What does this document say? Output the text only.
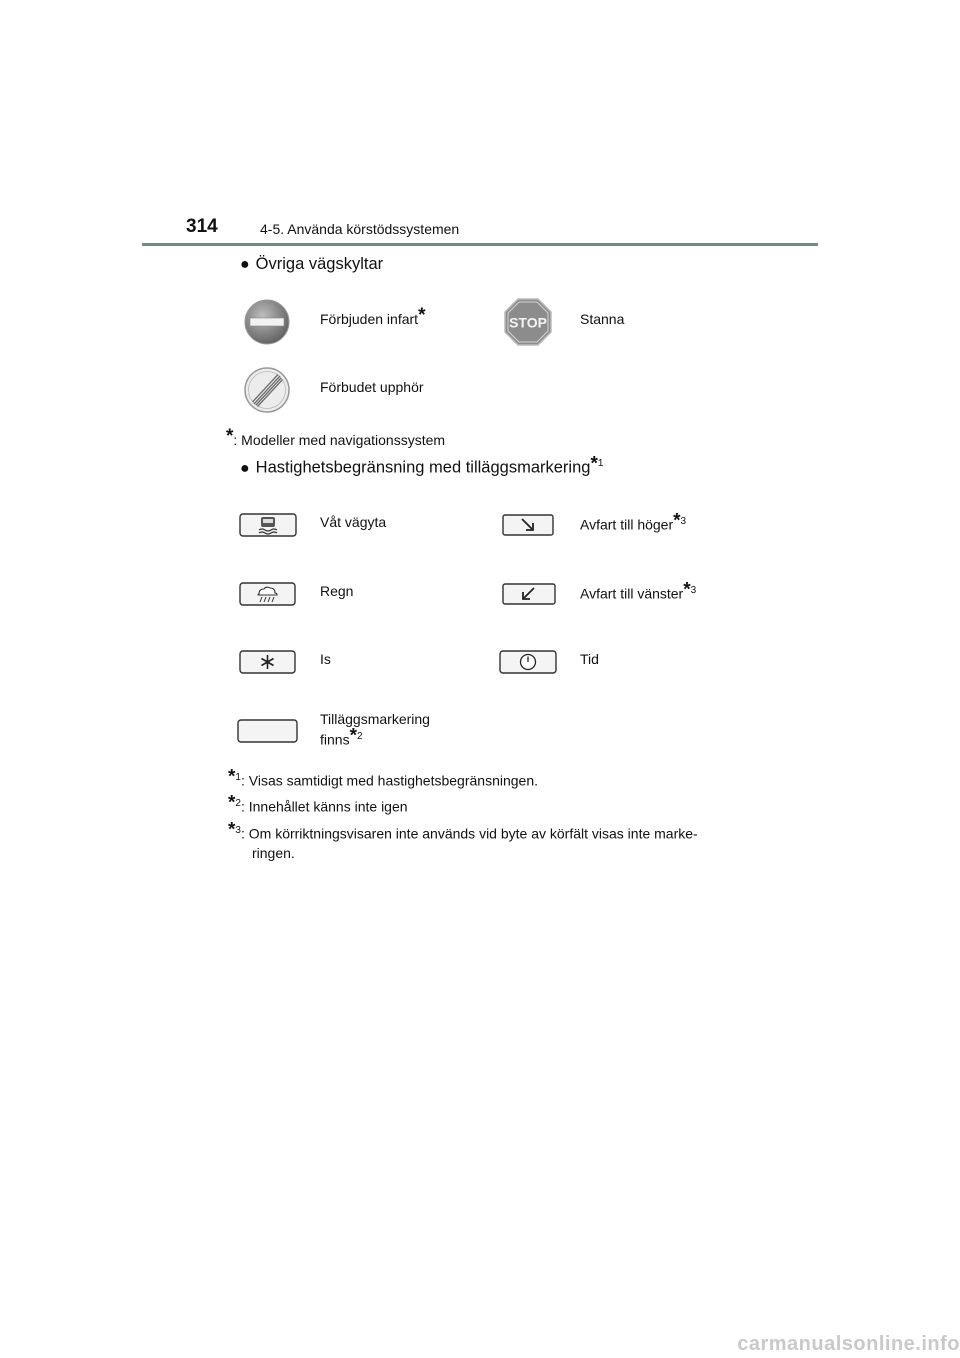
314	4-5. Använda körstödssystemen
● Övriga vägskyltar
Förbjuden infart*	STOP Stanna
Förbudet upphör
*: Modeller med navigationssystem
● Hastighetsbegränsning med tilläggsmarkering*$^1$
Våt vägyta	Avfart till höger*$^3$
Regn	Avfart till vänster*$^3$
Is	Tid
Tilläggsmarkering
finns*$^2$
*$^1$: Visas samtidigt med hastighetsbegränsningen.
*$^2$: Innehållet känns inte igen
*$^3$: Om körriktningsvisaren inte används vid byte av körfält visas inte marke-
ringen.
carmanualsonline.info
